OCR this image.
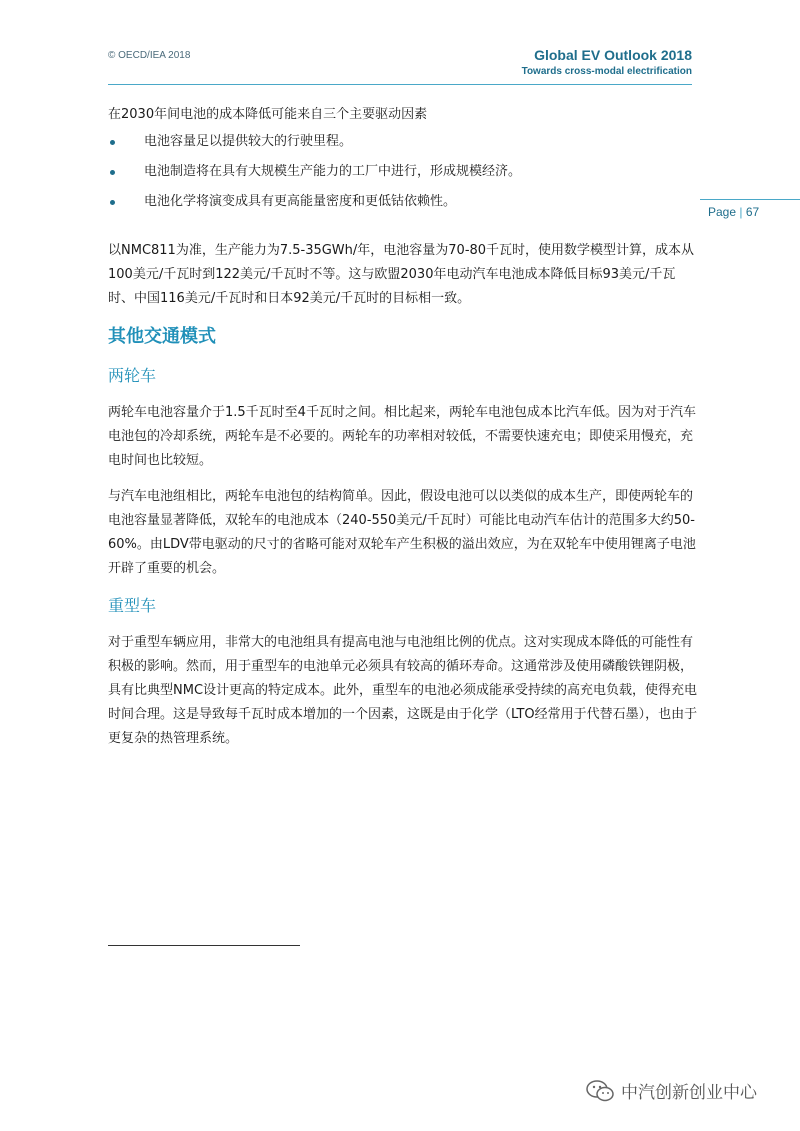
© OECD/IEA 2018	Global EV Outlook 2018
Towards cross-modal electrification
Page | 67

在2030年间电池的成本降低可能来自三个主要驱动因素

电池容量足以提供较大的行驶里程。
电池制造将在具有大规模生产能力的工厂中进行，形成规模经济。
电池化学将演变成具有更高能量密度和更低钴依赖性。

以NMC811为准，生产能力为7.5-35GWh/年，电池容量为70-80千瓦时，使用数学模型计算，成本从100美元/千瓦时到122美元/千瓦时不等。这与欧盟2030年电动汽车电池成本降低目标93美元/千瓦时、中国116美元/千瓦时和日本92美元/千瓦时的目标相一致。

其他交通模式
两轮车

两轮车电池容量介于1.5千瓦时至4千瓦时之间。相比起来，两轮车电池包成本比汽车低。因为对于汽车电池包的冷却系统，两轮车是不必要的。两轮车的功率相对较低，不需要快速充电；即使采用慢充，充电时间也比较短。

与汽车电池组相比，两轮车电池包的结构简单。因此，假设电池可以以类似的成本生产，即使两轮车的电池容量显著降低，双轮车的电池成本（240-550美元/千瓦时）可能比电动汽车估计的范围多大约50-60%。由LDV带电驱动的尺寸的省略可能对双轮车产生积极的溢出效应，为在双轮车中使用锂离子电池开辟了重要的机会。

重型车

对于重型车辆应用，非常大的电池组具有提高电池与电池组比例的优点。这对实现成本降低的可能性有积极的影响。然而，用于重型车的电池单元必须具有较高的循环寿命。这通常涉及使用磷酸铁锂阴极，具有比典型NMC设计更高的特定成本。此外，重型车的电池必须成能承受持续的高充电负载，使得充电时间合理。这是导致每千瓦时成本增加的一个因素，这既是由于化学（LTO经常用于代替石墨），也由于更复杂的热管理系统。

中汽创新创业中心
